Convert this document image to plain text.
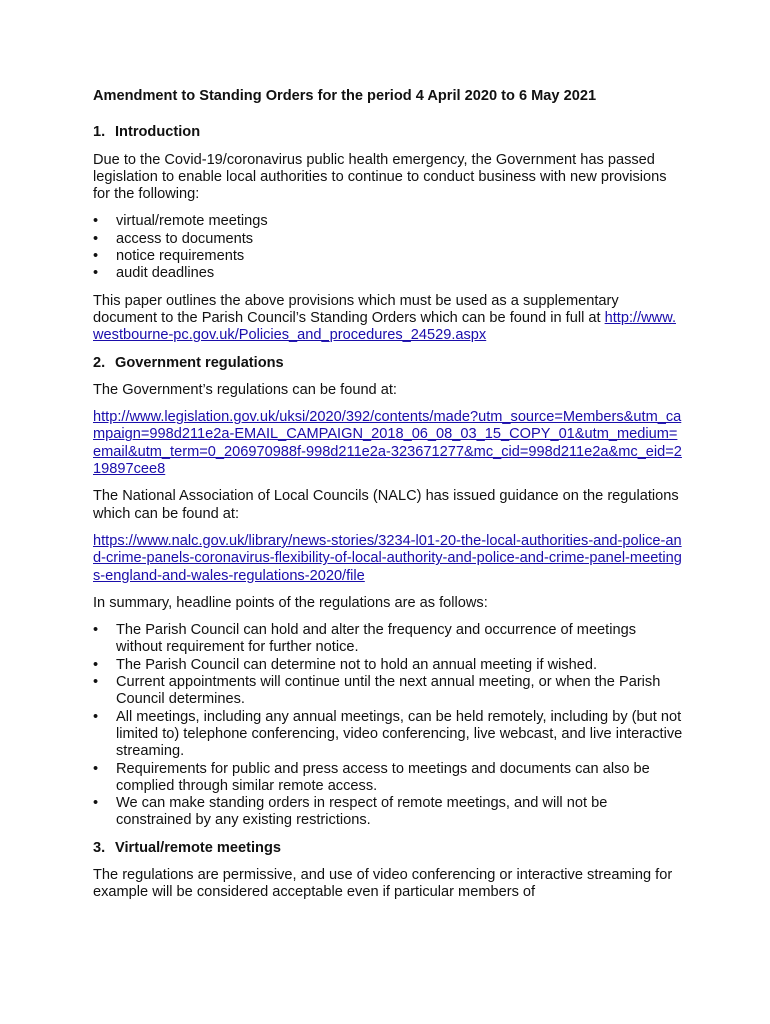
Amendment to Standing Orders for the period 4 April 2020 to 6 May 2021
1. Introduction

Due to the Covid-19/coronavirus public health emergency, the Government has passed legislation to enable local authorities to continue to conduct business with new provisions for the following:

• virtual/remote meetings
• access to documents
• notice requirements
• audit deadlines

This paper outlines the above provisions which must be used as a supplementary document to the Parish Council’s Standing Orders which can be found in full at http://www.westbourne-pc.gov.uk/Policies_and_procedures_24529.aspx

2. Government regulations

The Government’s regulations can be found at:

http://www.legislation.gov.uk/uksi/2020/392/contents/made?utm_source=Members&utm_campaign=998d211e2a-EMAIL_CAMPAIGN_2018_06_08_03_15_COPY_01&utm_medium=email&utm_term=0_206970988f-998d211e2a-323671277&mc_cid=998d211e2a&mc_eid=219897cee8

The National Association of Local Councils (NALC) has issued guidance on the regulations which can be found at:

https://www.nalc.gov.uk/library/news-stories/3234-l01-20-the-local-authorities-and-police-and-crime-panels-coronavirus-flexibility-of-local-authority-and-police-and-crime-panel-meetings-england-and-wales-regulations-2020/file

In summary, headline points of the regulations are as follows:

• The Parish Council can hold and alter the frequency and occurrence of meetings without requirement for further notice.
• The Parish Council can determine not to hold an annual meeting if wished.
• Current appointments will continue until the next annual meeting, or when the Parish Council determines.
• All meetings, including any annual meetings, can be held remotely, including by (but not limited to) telephone conferencing, video conferencing, live webcast, and live interactive streaming.
• Requirements for public and press access to meetings and documents can also be complied through similar remote access.
• We can make standing orders in respect of remote meetings, and will not be constrained by any existing restrictions.
3. Virtual/remote meetings

The regulations are permissive, and use of video conferencing or interactive streaming for example will be considered acceptable even if particular members of
